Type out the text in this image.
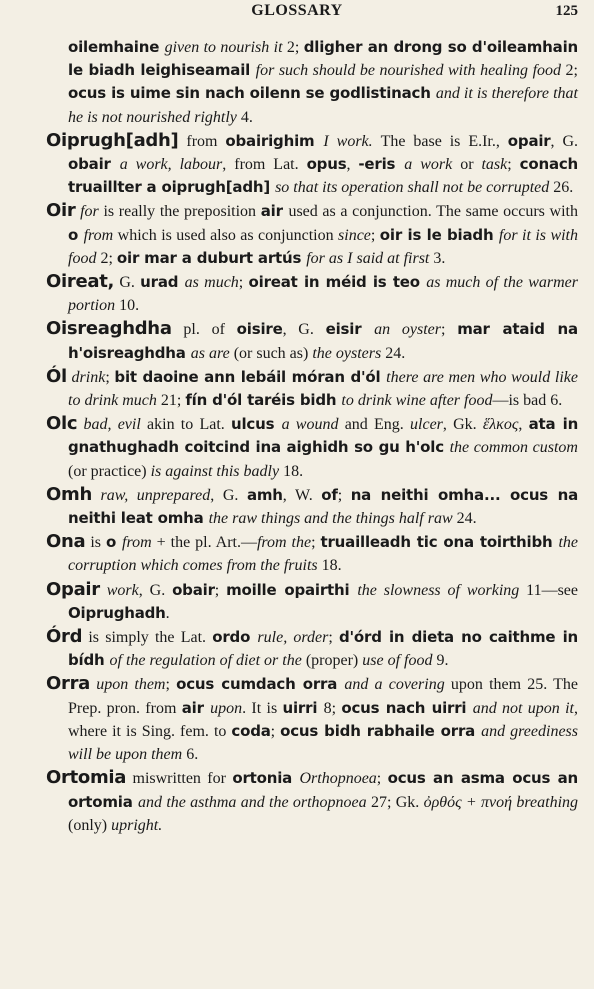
GLOSSARY	125

oilemhaine given to nourish it 2; dligher an drong so d'oileamhain le biadh leighiseamail for such should be nourished with healing food 2; ocus is uime sin nach oilenn se godlistinach and it is therefore that he is not nourished rightly 4.

Oiprugh[adh] from obairighim I work. The base is E.Ir., opair, G. obair a work, labour, from Lat. opus, -eris a work or task; conach truaillter a oiprugh[adh] so that its operation shall not be corrupted 26.

Oir for is really the preposition air used as a conjunction. The same occurs with o from which is used also as conjunction since; oir is le biadh for it is with food 2; oir mar a duburt artús for as I said at first 3.

Oireat, G. urad as much; oireat in méid is teo as much of the warmer portion 10.

Oisreaghdha pl. of oisire, G. eisir an oyster; mar ataid na h'oisreaghdha as are (or such as) the oysters 24.

Ól drink; bit daoine ann lebáil móran d'ól there are men who would like to drink much 21; fín d'ól taréis bidh to drink wine after food—is bad 6.

Olc bad, evil akin to Lat. ulcus a wound and Eng. ulcer, Gk. ἕλκος, ata in gnathughadh coitcind ina aighidh so gu h'olc the common custom (or practice) is against this badly 18.

Omh raw, unprepared, G. amh, W. of; na neithi omha... ocus na neithi leat omha the raw things and the things half raw 24.

Ona is o from + the pl. Art.—from the; truailleadh tic ona toirthibh the corruption which comes from the fruits 18.

Opair work, G. obair; moille opairthi the slowness of working 11—see Oiprughadh.

Órd is simply the Lat. ordo rule, order; d'órd in dieta no caithme in bídh of the regulation of diet or the (proper) use of food 9.

Orra upon them; ocus cumdach orra and a covering upon them 25. The Prep. pron. from air upon. It is uirri 8; ocus nach uirri and not upon it, where it is Sing. fem. to coda; ocus bidh rabhaile orra and greediness will be upon them 6.

Ortomia miswritten for ortonia Orthopnoea; ocus an asma ocus an ortomia and the asthma and the orthopnoea 27; Gk. ὀρθός + πνοή breathing (only) upright.
